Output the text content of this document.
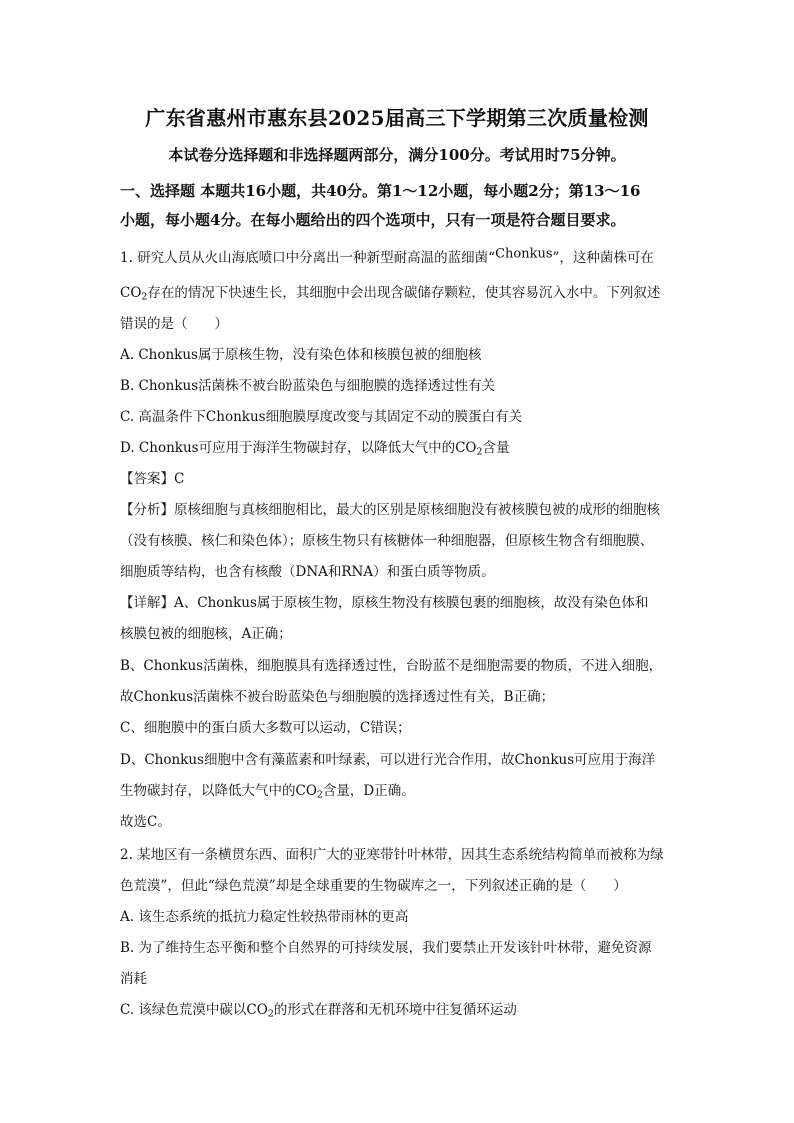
广东省惠州市惠东县2025届高三下学期第三次质量检测
本试卷分选择题和非选择题两部分，满分100分。考试用时75分钟。
一、选择题 本题共16小题，共40分。第1～12小题，每小题2分；第13～16
小题，每小题4分。在每小题给出的四个选项中，只有一项是符合题目要求。
1. 研究人员从火山海底喷口中分离出一种新型耐高温的蓝细菌“Chonkus”，这种菌株可在
$CO_2$存在的情况下快速生长，其细胞中会出现含碳储存颗粒，使其容易沉入水中。下列叙述
错误的是（　　）
A. Chonkus属于原核生物，没有染色体和核膜包被的细胞核
B. Chonkus活菌株不被台盼蓝染色与细胞膜的选择透过性有关
C. 高温条件下Chonkus细胞膜厚度改变与其固定不动的膜蛋白有关
D. Chonkus可应用于海洋生物碳封存，以降低大气中的$CO_2$含量
【答案】C
【分析】原核细胞与真核细胞相比，最大的区别是原核细胞没有被核膜包被的成形的细胞核
（没有核膜、核仁和染色体）；原核生物只有核糖体一种细胞器，但原核生物含有细胞膜、
细胞质等结构，也含有核酸（DNA和RNA）和蛋白质等物质。
【详解】A、Chonkus属于原核生物，原核生物没有核膜包裹的细胞核，故没有染色体和
核膜包被的细胞核，A正确；
B、Chonkus活菌株，细胞膜具有选择透过性，台盼蓝不是细胞需要的物质，不进入细胞，
故Chonkus活菌株不被台盼蓝染色与细胞膜的选择透过性有关，B正确；
C、细胞膜中的蛋白质大多数可以运动，C错误；
D、Chonkus细胞中含有藻蓝素和叶绿素，可以进行光合作用，故Chonkus可应用于海洋
生物碳封存，以降低大气中的$CO_2$含量，D正确。
故选C。
2. 某地区有一条横贯东西、面积广大的亚寒带针叶林带，因其生态系统结构简单而被称为绿
色荒漠”，但此“绿色荒漠”却是全球重要的生物碳库之一，下列叙述正确的是（　　）
A. 该生态系统的抵抗力稳定性较热带雨林的更高
B. 为了维持生态平衡和整个自然界的可持续发展，我们要禁止开发该针叶林带，避免资源
消耗
C. 该绿色荒漠中碳以$CO_2$的形式在群落和无机环境中往复循环运动
